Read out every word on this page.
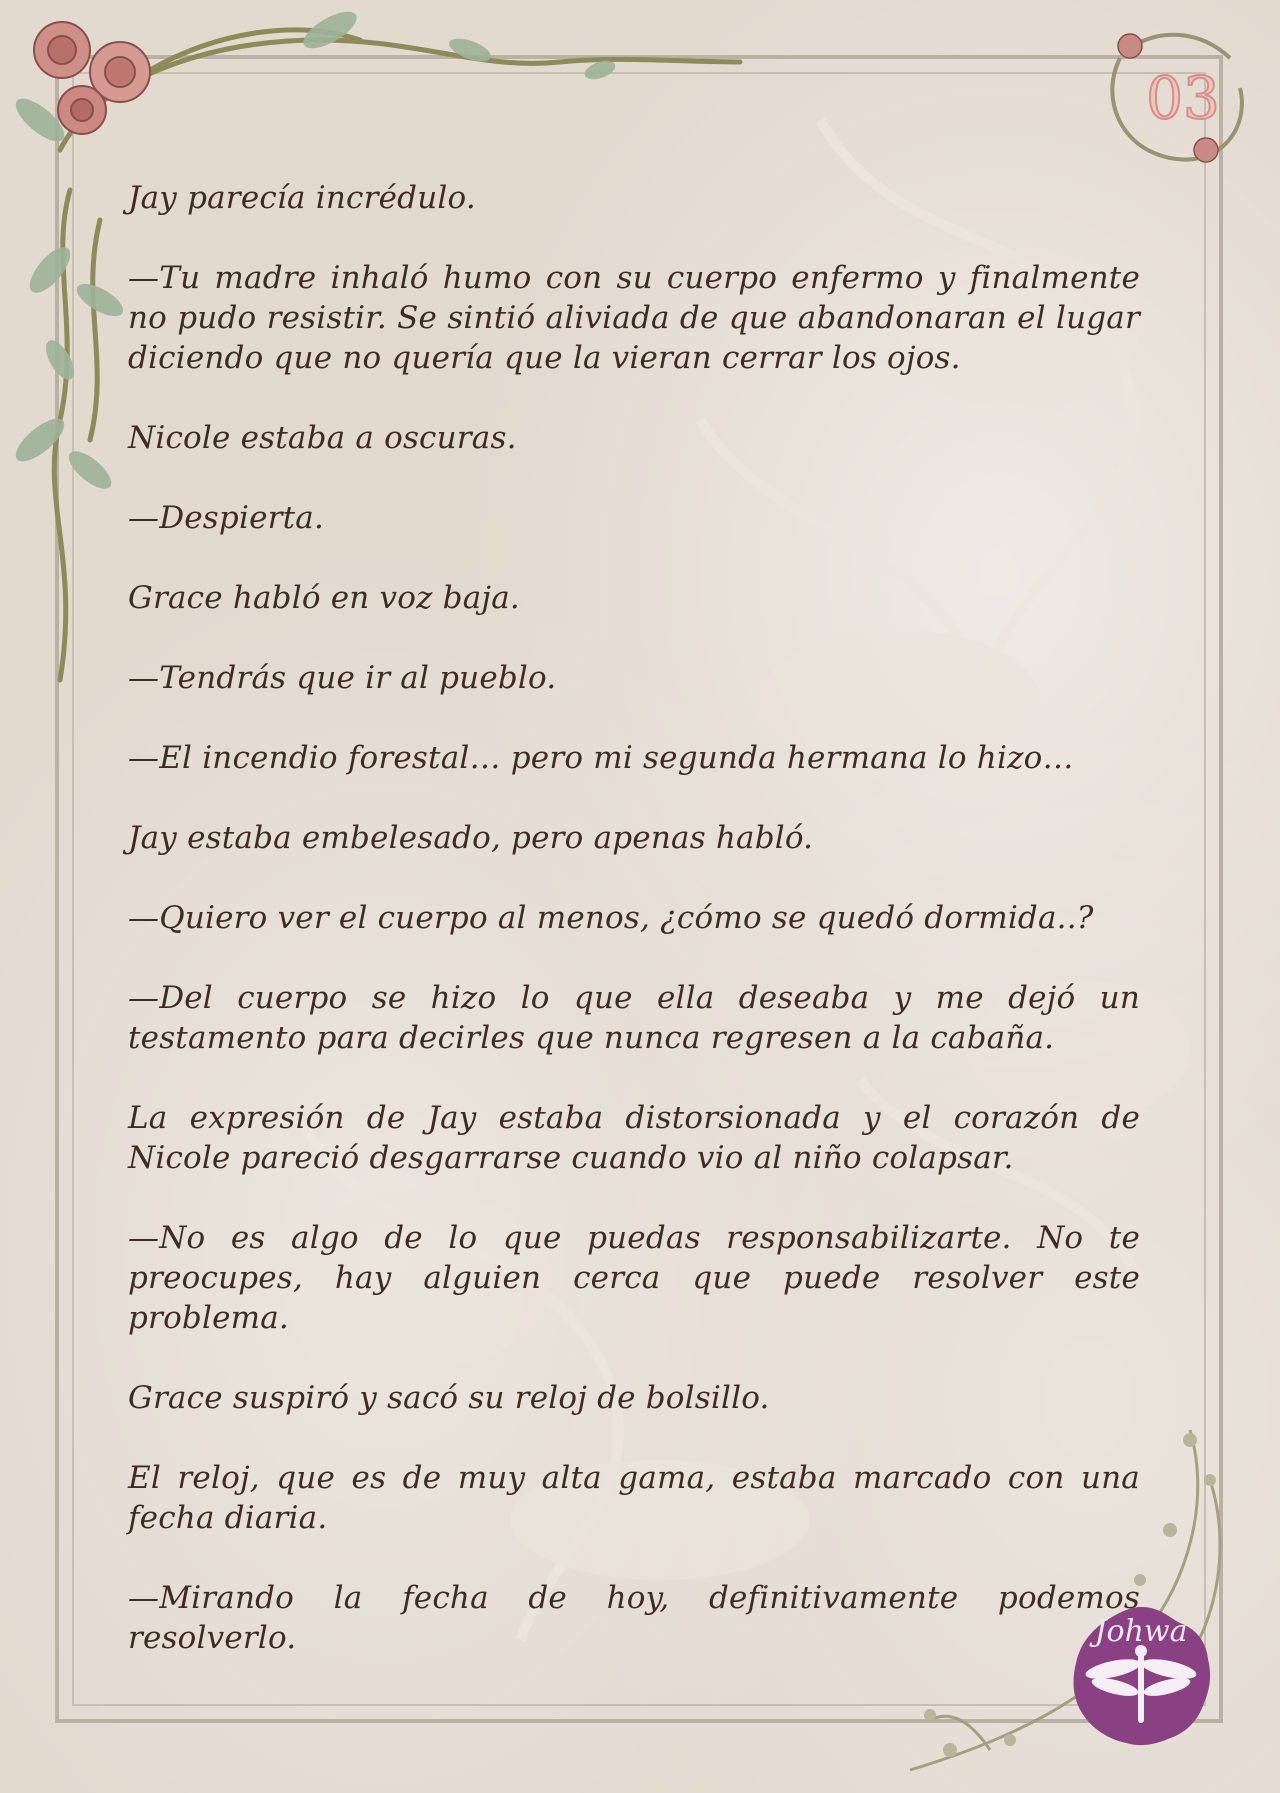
03
Johwa

Jay parecía incrédulo.

—Tu madre inhaló humo con su cuerpo enfermo y finalmente no pudo resistir. Se sintió aliviada de que abandonaran el lugar diciendo que no quería que la vieran cerrar los ojos.

Nicole estaba a oscuras.

—Despierta.

Grace habló en voz baja.

—Tendrás que ir al pueblo.

—El incendio forestal… pero mi segunda hermana lo hizo…

Jay estaba embelesado, pero apenas habló.

—Quiero ver el cuerpo al menos, ¿cómo se quedó dormida..?

—Del cuerpo se hizo lo que ella deseaba y me dejó un testamento para decirles que nunca regresen a la cabaña.

La expresión de Jay estaba distorsionada y el corazón de Nicole pareció desgarrarse cuando vio al niño colapsar.

—No es algo de lo que puedas responsabilizarte. No te preocupes, hay alguien cerca que puede resolver este problema.

Grace suspiró y sacó su reloj de bolsillo.

El reloj, que es de muy alta gama, estaba marcado con una fecha diaria.

—Mirando la fecha de hoy, definitivamente podemos resolverlo.
